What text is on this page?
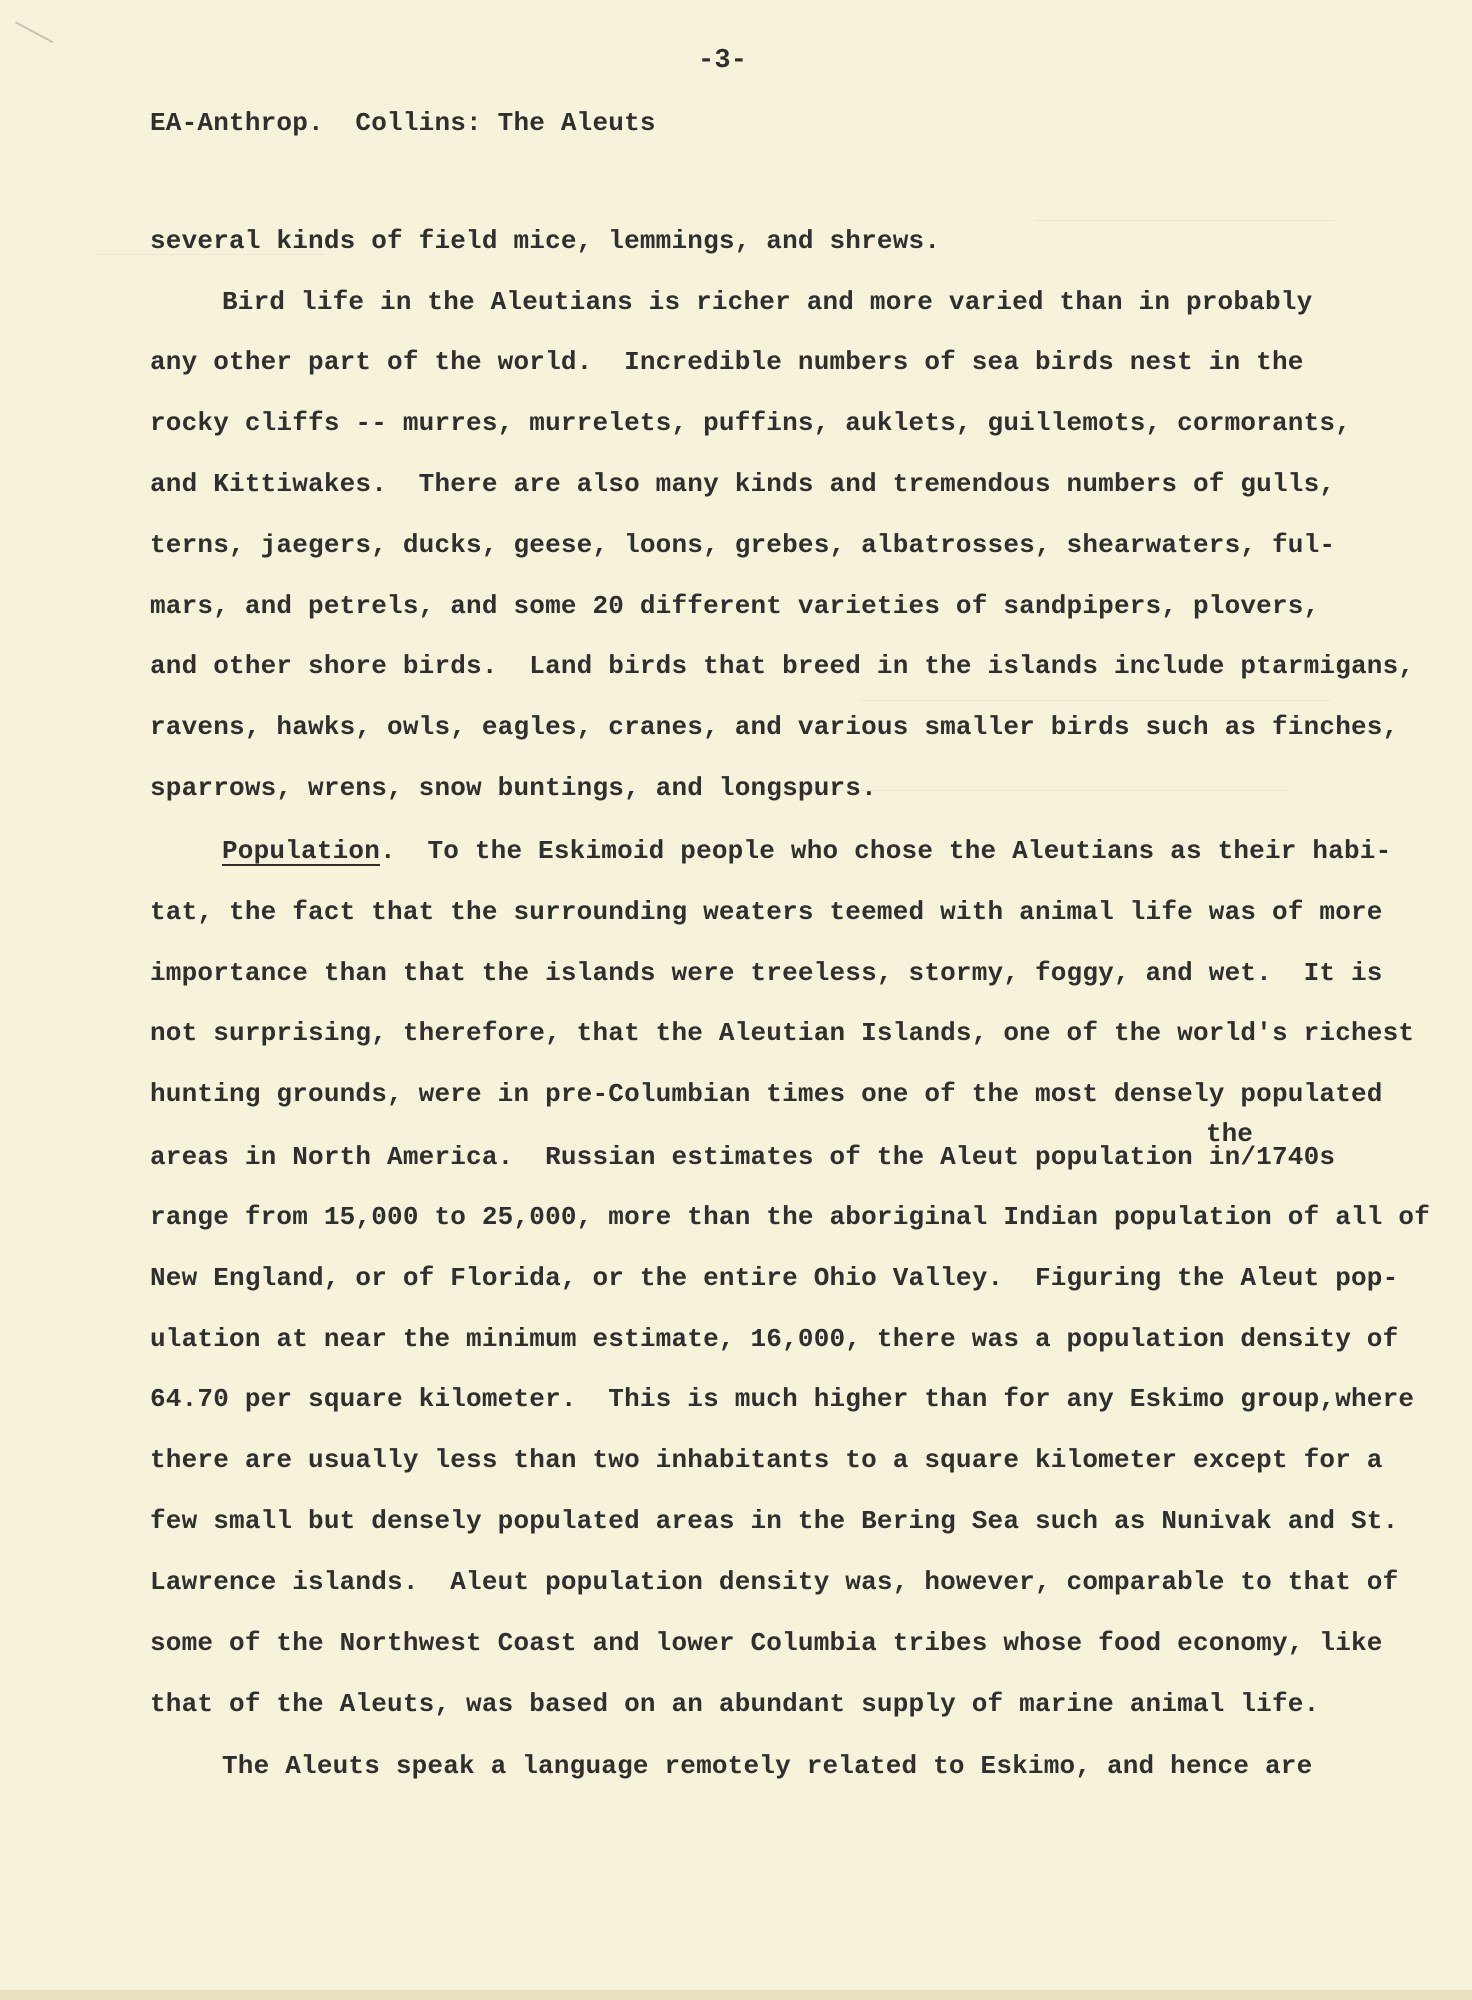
-3-
EA-Anthrop.  Collins: The Aleuts
several kinds of field mice, lemmings, and shrews.
Bird life in the Aleutians is richer and more varied than in probably
any other part of the world.  Incredible numbers of sea birds nest in the
rocky cliffs -- murres, murrelets, puffins, auklets, guillemots, cormorants,
and Kittiwakes.  There are also many kinds and tremendous numbers of gulls,
terns, jaegers, ducks, geese, loons, grebes, albatrosses, shearwaters, ful-
mars, and petrels, and some 20 different varieties of sandpipers, plovers,
and other shore birds.  Land birds that breed in the islands include ptarmigans,
ravens, hawks, owls, eagles, cranes, and various smaller birds such as finches,
sparrows, wrens, snow buntings, and longspurs.
Population.  To the Eskimoid people who chose the Aleutians as their habi-
tat, the fact that the surrounding weaters teemed with animal life was of more
importance than that the islands were treeless, stormy, foggy, and wet.  It is
not surprising, therefore, that the Aleutian Islands, one of the world's richest
hunting grounds, were in pre-Columbian times one of the most densely populated
the
areas in North America.  Russian estimates of the Aleut population in/1740s
range from 15,000 to 25,000, more than the aboriginal Indian population of all of
New England, or of Florida, or the entire Ohio Valley.  Figuring the Aleut pop-
ulation at near the minimum estimate, 16,000, there was a population density of
64.70 per square kilometer.  This is much higher than for any Eskimo group,where
there are usually less than two inhabitants to a square kilometer except for a
few small but densely populated areas in the Bering Sea such as Nunivak and St.
Lawrence islands.  Aleut population density was, however, comparable to that of
some of the Northwest Coast and lower Columbia tribes whose food economy, like
that of the Aleuts, was based on an abundant supply of marine animal life.
The Aleuts speak a language remotely related to Eskimo, and hence are
